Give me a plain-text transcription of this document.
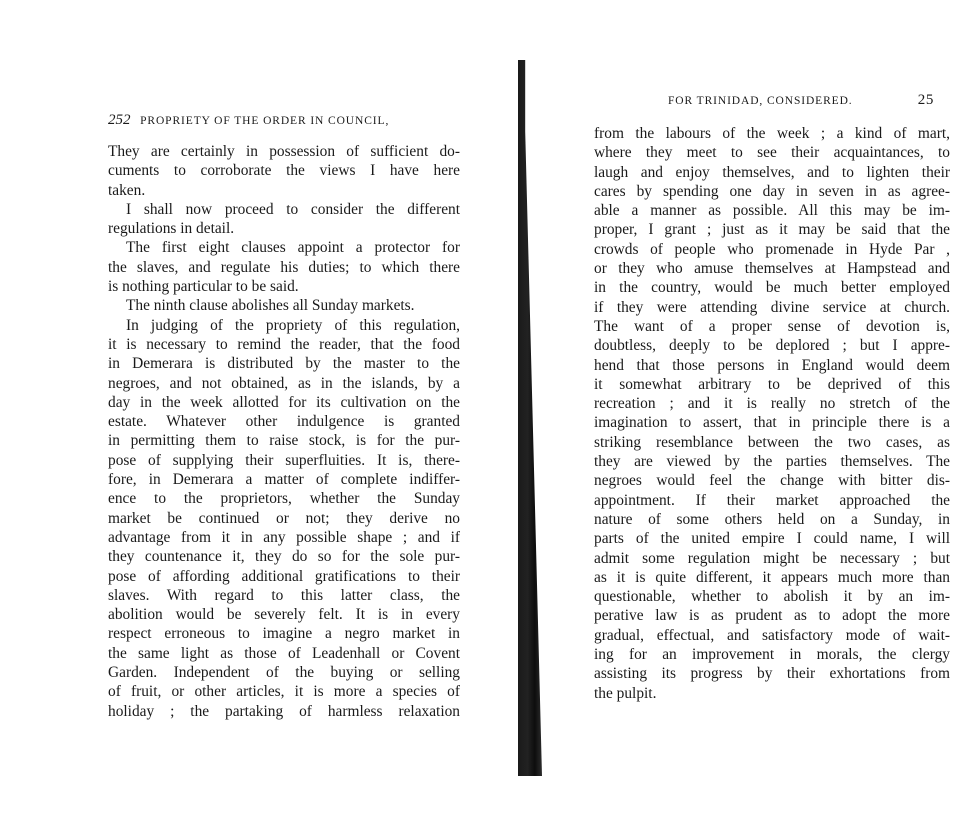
252 PROPRIETY OF THE ORDER IN COUNCIL,
They are certainly in possession of sufficient do-
cuments to corroborate the views I have here
taken.
I shall now proceed to consider the different
regulations in detail.
The first eight clauses appoint a protector for
the slaves, and regulate his duties; to which there
is nothing particular to be said.
The ninth clause abolishes all Sunday markets.
In judging of the propriety of this regulation,
it is necessary to remind the reader, that the food
in Demerara is distributed by the master to the
negroes, and not obtained, as in the islands, by a
day in the week allotted for its cultivation on the
estate. Whatever other indulgence is granted
in permitting them to raise stock, is for the pur-
pose of supplying their superfluities. It is, there-
fore, in Demerara a matter of complete indiffer-
ence to the proprietors, whether the Sunday
market be continued or not; they derive no
advantage from it in any possible shape ; and if
they countenance it, they do so for the sole pur-
pose of affording additional gratifications to their
slaves. With regard to this latter class, the
abolition would be severely felt. It is in every
respect erroneous to imagine a negro market in
the same light as those of Leadenhall or Covent
Garden. Independent of the buying or selling
of fruit, or other articles, it is more a species of
holiday ; the partaking of harmless relaxation
FOR TRINIDAD, CONSIDERED.	25
from the labours of the week ; a kind of mart,
where they meet to see their acquaintances, to
laugh and enjoy themselves, and to lighten their
cares by spending one day in seven in as agree-
able a manner as possible. All this may be im-
proper, I grant ; just as it may be said that the
crowds of people who promenade in Hyde Par ,
or they who amuse themselves at Hampstead and
in the country, would be much better employed
if they were attending divine service at church.
The want of a proper sense of devotion is,
doubtless, deeply to be deplored ; but I appre-
hend that those persons in England would deem
it somewhat arbitrary to be deprived of this
recreation ; and it is really no stretch of the
imagination to assert, that in principle there is a
striking resemblance between the two cases, as
they are viewed by the parties themselves. The
negroes would feel the change with bitter dis-
appointment. If their market approached the
nature of some others held on a Sunday, in
parts of the united empire I could name, I will
admit some regulation might be necessary ; but
as it is quite different, it appears much more than
questionable, whether to abolish it by an im-
perative law is as prudent as to adopt the more
gradual, effectual, and satisfactory mode of wait-
ing for an improvement in morals, the clergy
assisting its progress by their exhortations from
the pulpit.
